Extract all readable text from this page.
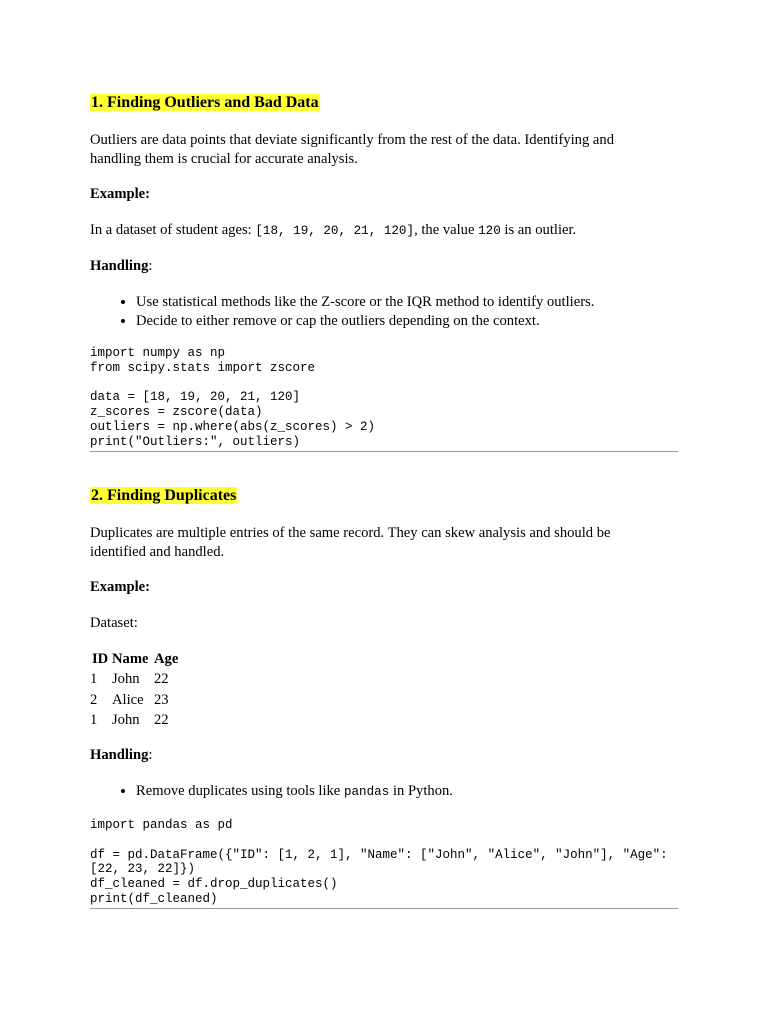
1. Finding Outliers and Bad Data

Outliers are data points that deviate significantly from the rest of the data. Identifying and

handling them is crucial for accurate analysis.

Example:

In a dataset of student ages: [18, 19, 20, 21, 120], the value 120 is an outlier.

Handling:

• Use statistical methods like the Z-score or the IQR method to identify outliers.
• Decide to either remove or cap the outliers depending on the context.
import numpy as np
from scipy.stats import zscore
data = [18, 19, 20, 21, 120]
z_scores = zscore(data)
outliers = np.where(abs(z_scores) > 2)
print("Outliers:", outliers)
2. Finding Duplicates

Duplicates are multiple entries of the same record. They can skew analysis and should be

identified and handled.

Example:

Dataset:

ID	Name	Age
1	John	22
2	Alice	23
1	John	22

Handling:

• Remove duplicates using tools like pandas in Python.
import pandas as pd
df = pd.DataFrame({"ID": [1, 2, 1], "Name": ["John", "Alice", "John"], "Age":
[22, 23, 22]})
df_cleaned = df.drop_duplicates()
print(df_cleaned)
